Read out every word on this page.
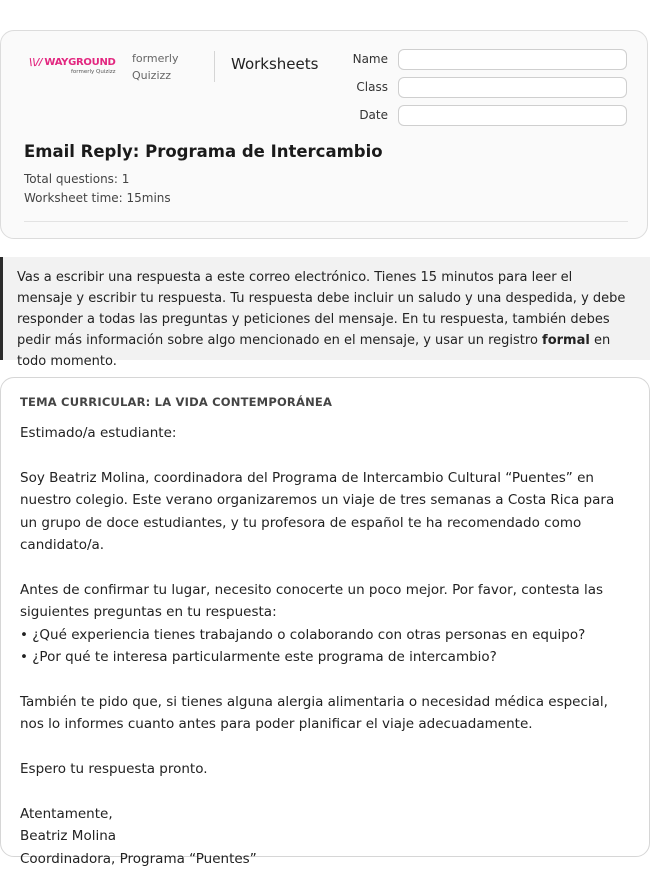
\\// WAYGROUND
formerly Quizizz
formerly Quizizz
Worksheets	Name
Class
Date
Email Reply: Programa de Intercambio
Total questions: 1
Worksheet time: 15mins
Vas a escribir una respuesta a este correo electrónico. Tienes 15 minutos para leer el mensaje y escribir tu respuesta. Tu respuesta debe incluir un saludo y una despedida, y debe responder a todas las preguntas y peticiones del mensaje. En tu respuesta, también debes pedir más información sobre algo mencionado en el mensaje, y usar un registro formal en todo momento.
TEMA CURRICULAR: LA VIDA CONTEMPORÁNEA

Estimado/a estudiante:

Soy Beatriz Molina, coordinadora del Programa de Intercambio Cultural “Puentes” en nuestro colegio. Este verano organizaremos un viaje de tres semanas a Costa Rica para un grupo de doce estudiantes, y tu profesora de español te ha recomendado como candidato/a.

Antes de confirmar tu lugar, necesito conocerte un poco mejor. Por favor, contesta las siguientes preguntas en tu respuesta:

• ¿Qué experiencia tienes trabajando o colaborando con otras personas en equipo?

• ¿Por qué te interesa particularmente este programa de intercambio?

También te pido que, si tienes alguna alergia alimentaria o necesidad médica especial, nos lo informes cuanto antes para poder planificar el viaje adecuadamente.

Espero tu respuesta pronto.

Atentamente,

Beatriz Molina

Coordinadora, Programa “Puentes”
